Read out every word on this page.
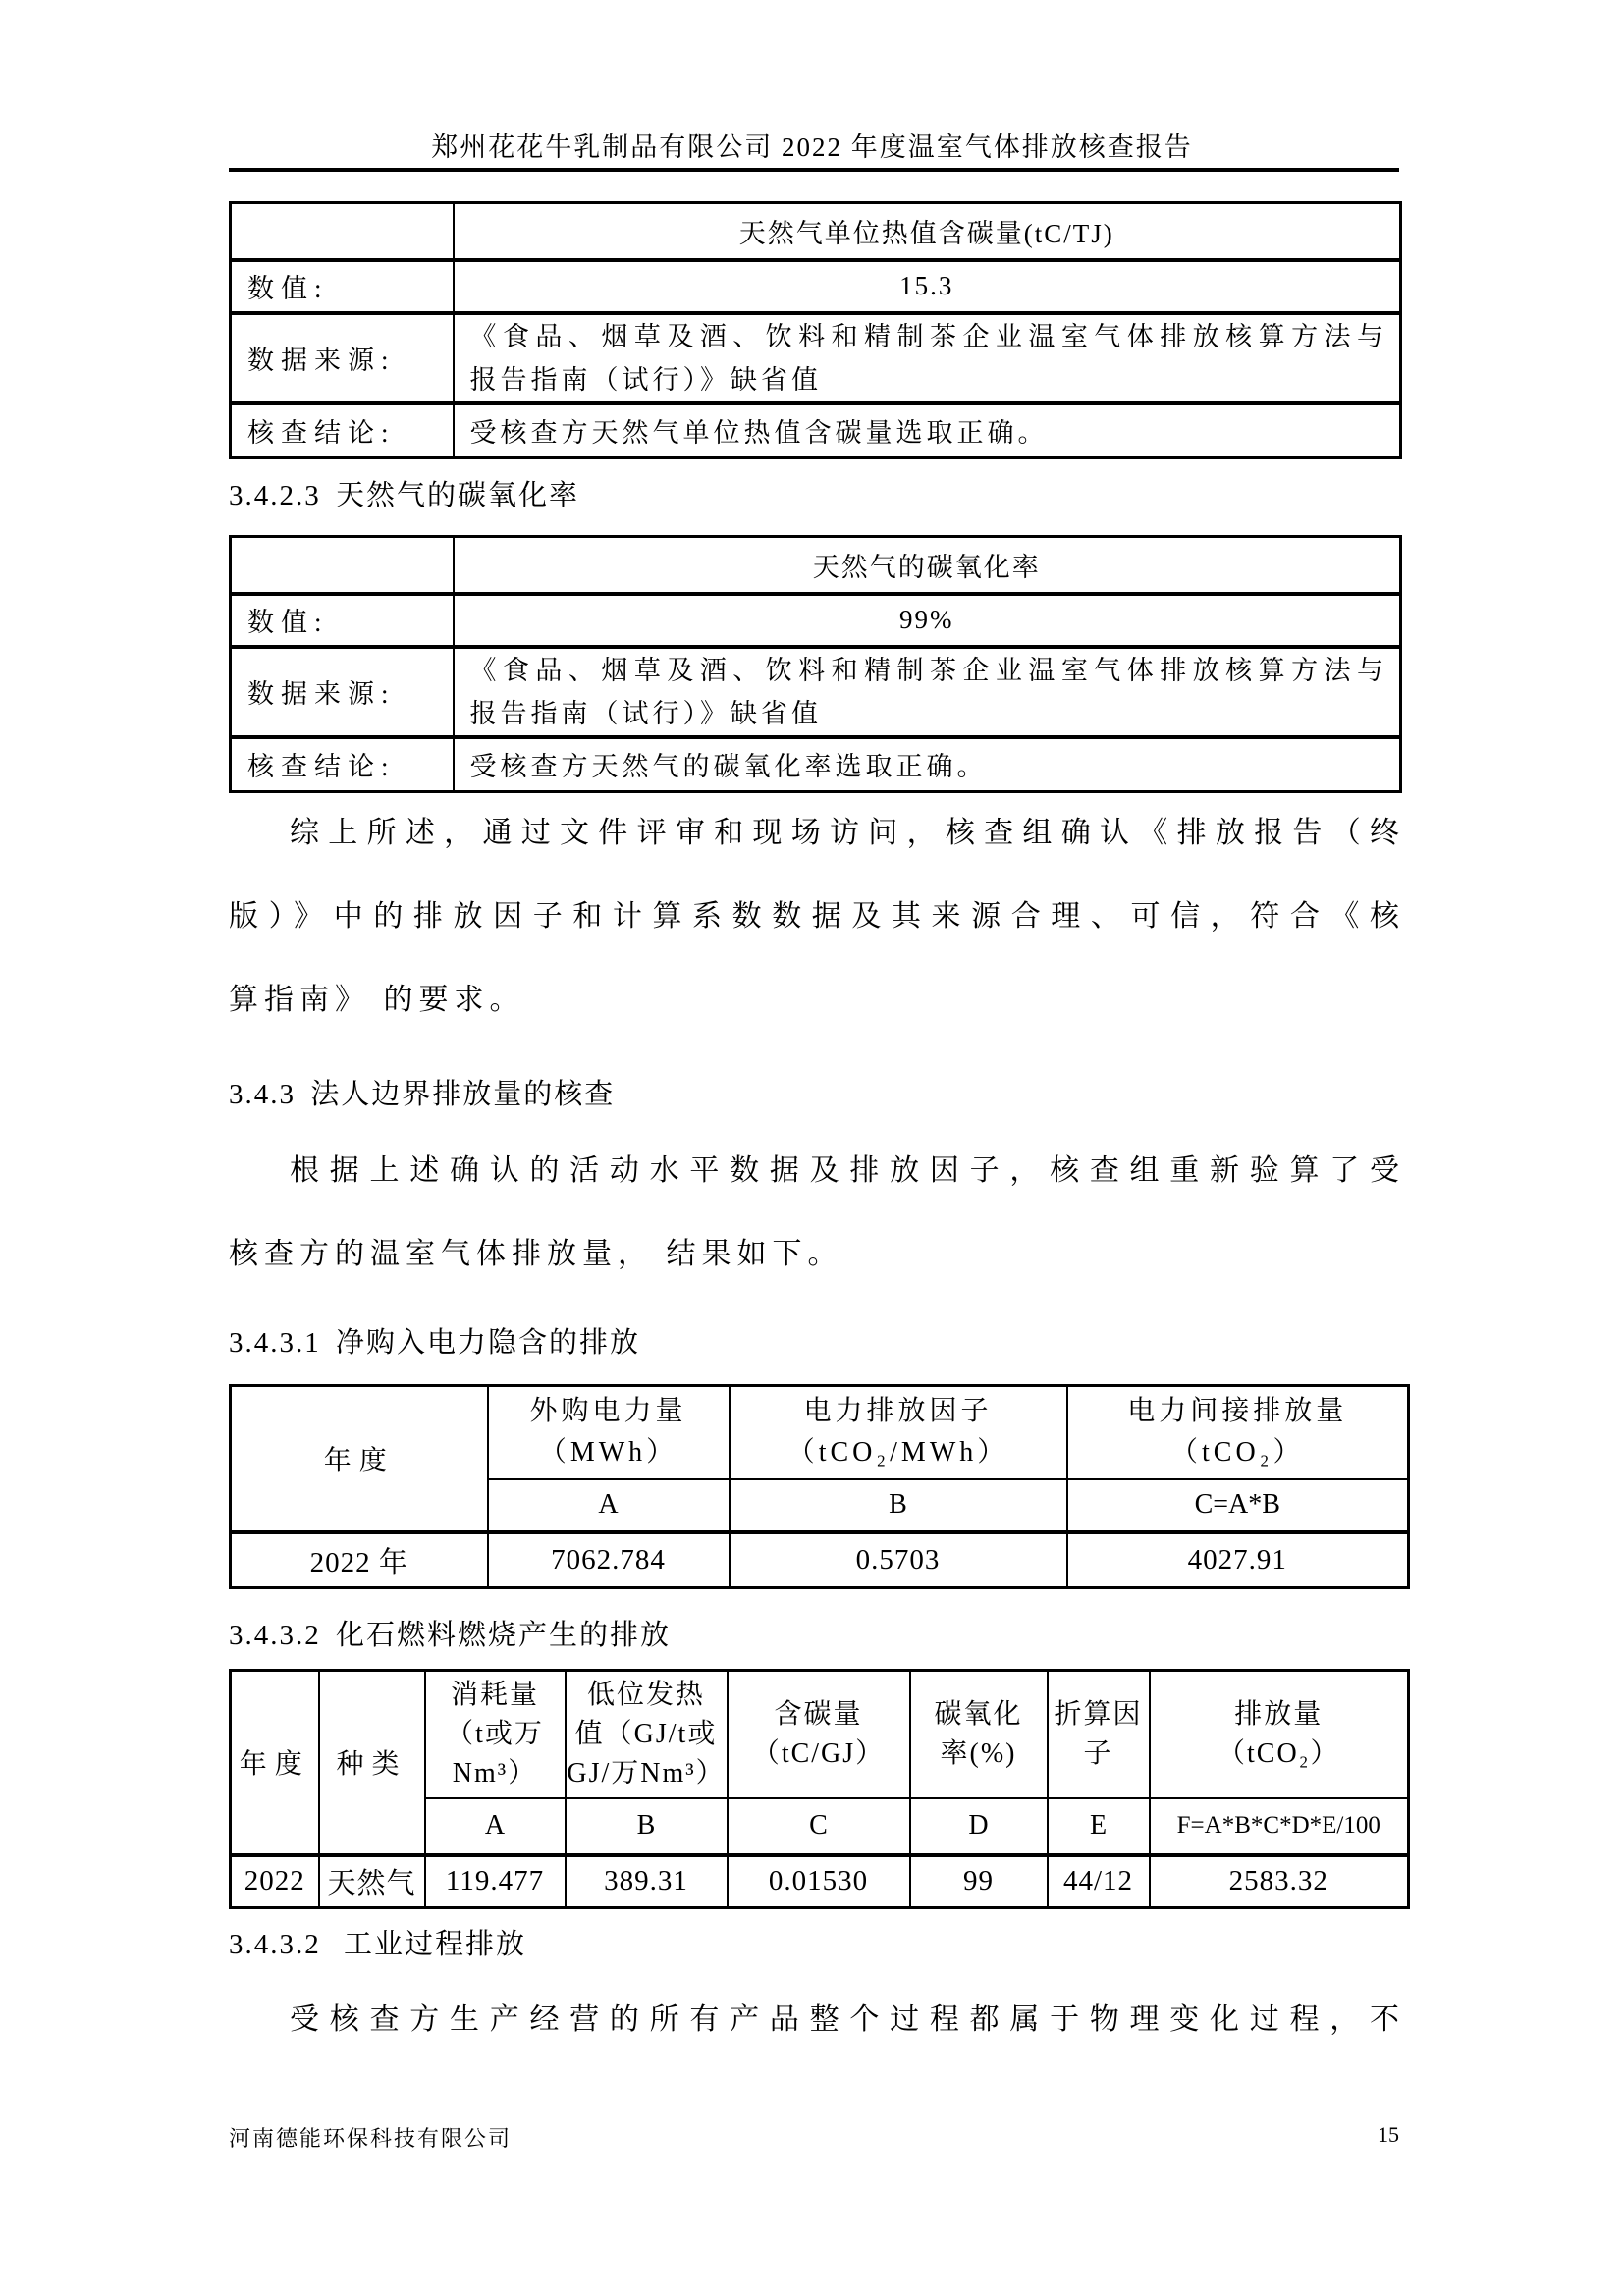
郑州花花牛乳制品有限公司 2022 年度温室气体排放核查报告
	天然气单位热值含碳量(tC/TJ)
数值:	15.3
数据来源:	《食品、烟草及酒、饮料和精制茶企业温室气体排放核算方法与
报告指南（试行）》缺省值

核查结论:	受核查方天然气单位热值含碳量选取正确。
3.4.2.3 天然气的碳氧化率
	天然气的碳氧化率
数值:	99%
数据来源:	《食品、烟草及酒、饮料和精制茶企业温室气体排放核算方法与
报告指南（试行）》缺省值

核查结论:	受核查方天然气的碳氧化率选取正确。
综上所述，通过文件评审和现场访问，核查组确认《排放报告（终
版）》中的排放因子和计算系数数据及其来源合理、可信，符合《核
算指南》 的要求。
3.4.3 法人边界排放量的核查
根据上述确认的活动水平数据及排放因子，核查组重新验算了受
核查方的温室气体排放量， 结果如下。
3.4.3.1 净购入电力隐含的排放
年度	外购电力量
（MWh）	电力排放因子
（tCO₂/MWh）	电力间接排放量
（tCO₂）

	A	B	C=A*B
2022 年	7062.784	0.5703	4027.91
3.4.3.2 化石燃料燃烧产生的排放
年度	种类	消耗量
（t或万
Nm³）	低位发热
值（GJ/t或
GJ/万Nm³）	含碳量
（tC/GJ）	碳氧化
率(%)	折算因
子	排放量
（tCO₂）

		A	B	C	D	E	F=A*B*C*D*E/100
2022	天然气	119.477	389.31	0.01530	99	44/12	2583.32
3.4.3.2 工业过程排放
受核查方生产经营的所有产品整个过程都属于物理变化过程，不
河南德能环保科技有限公司	15
